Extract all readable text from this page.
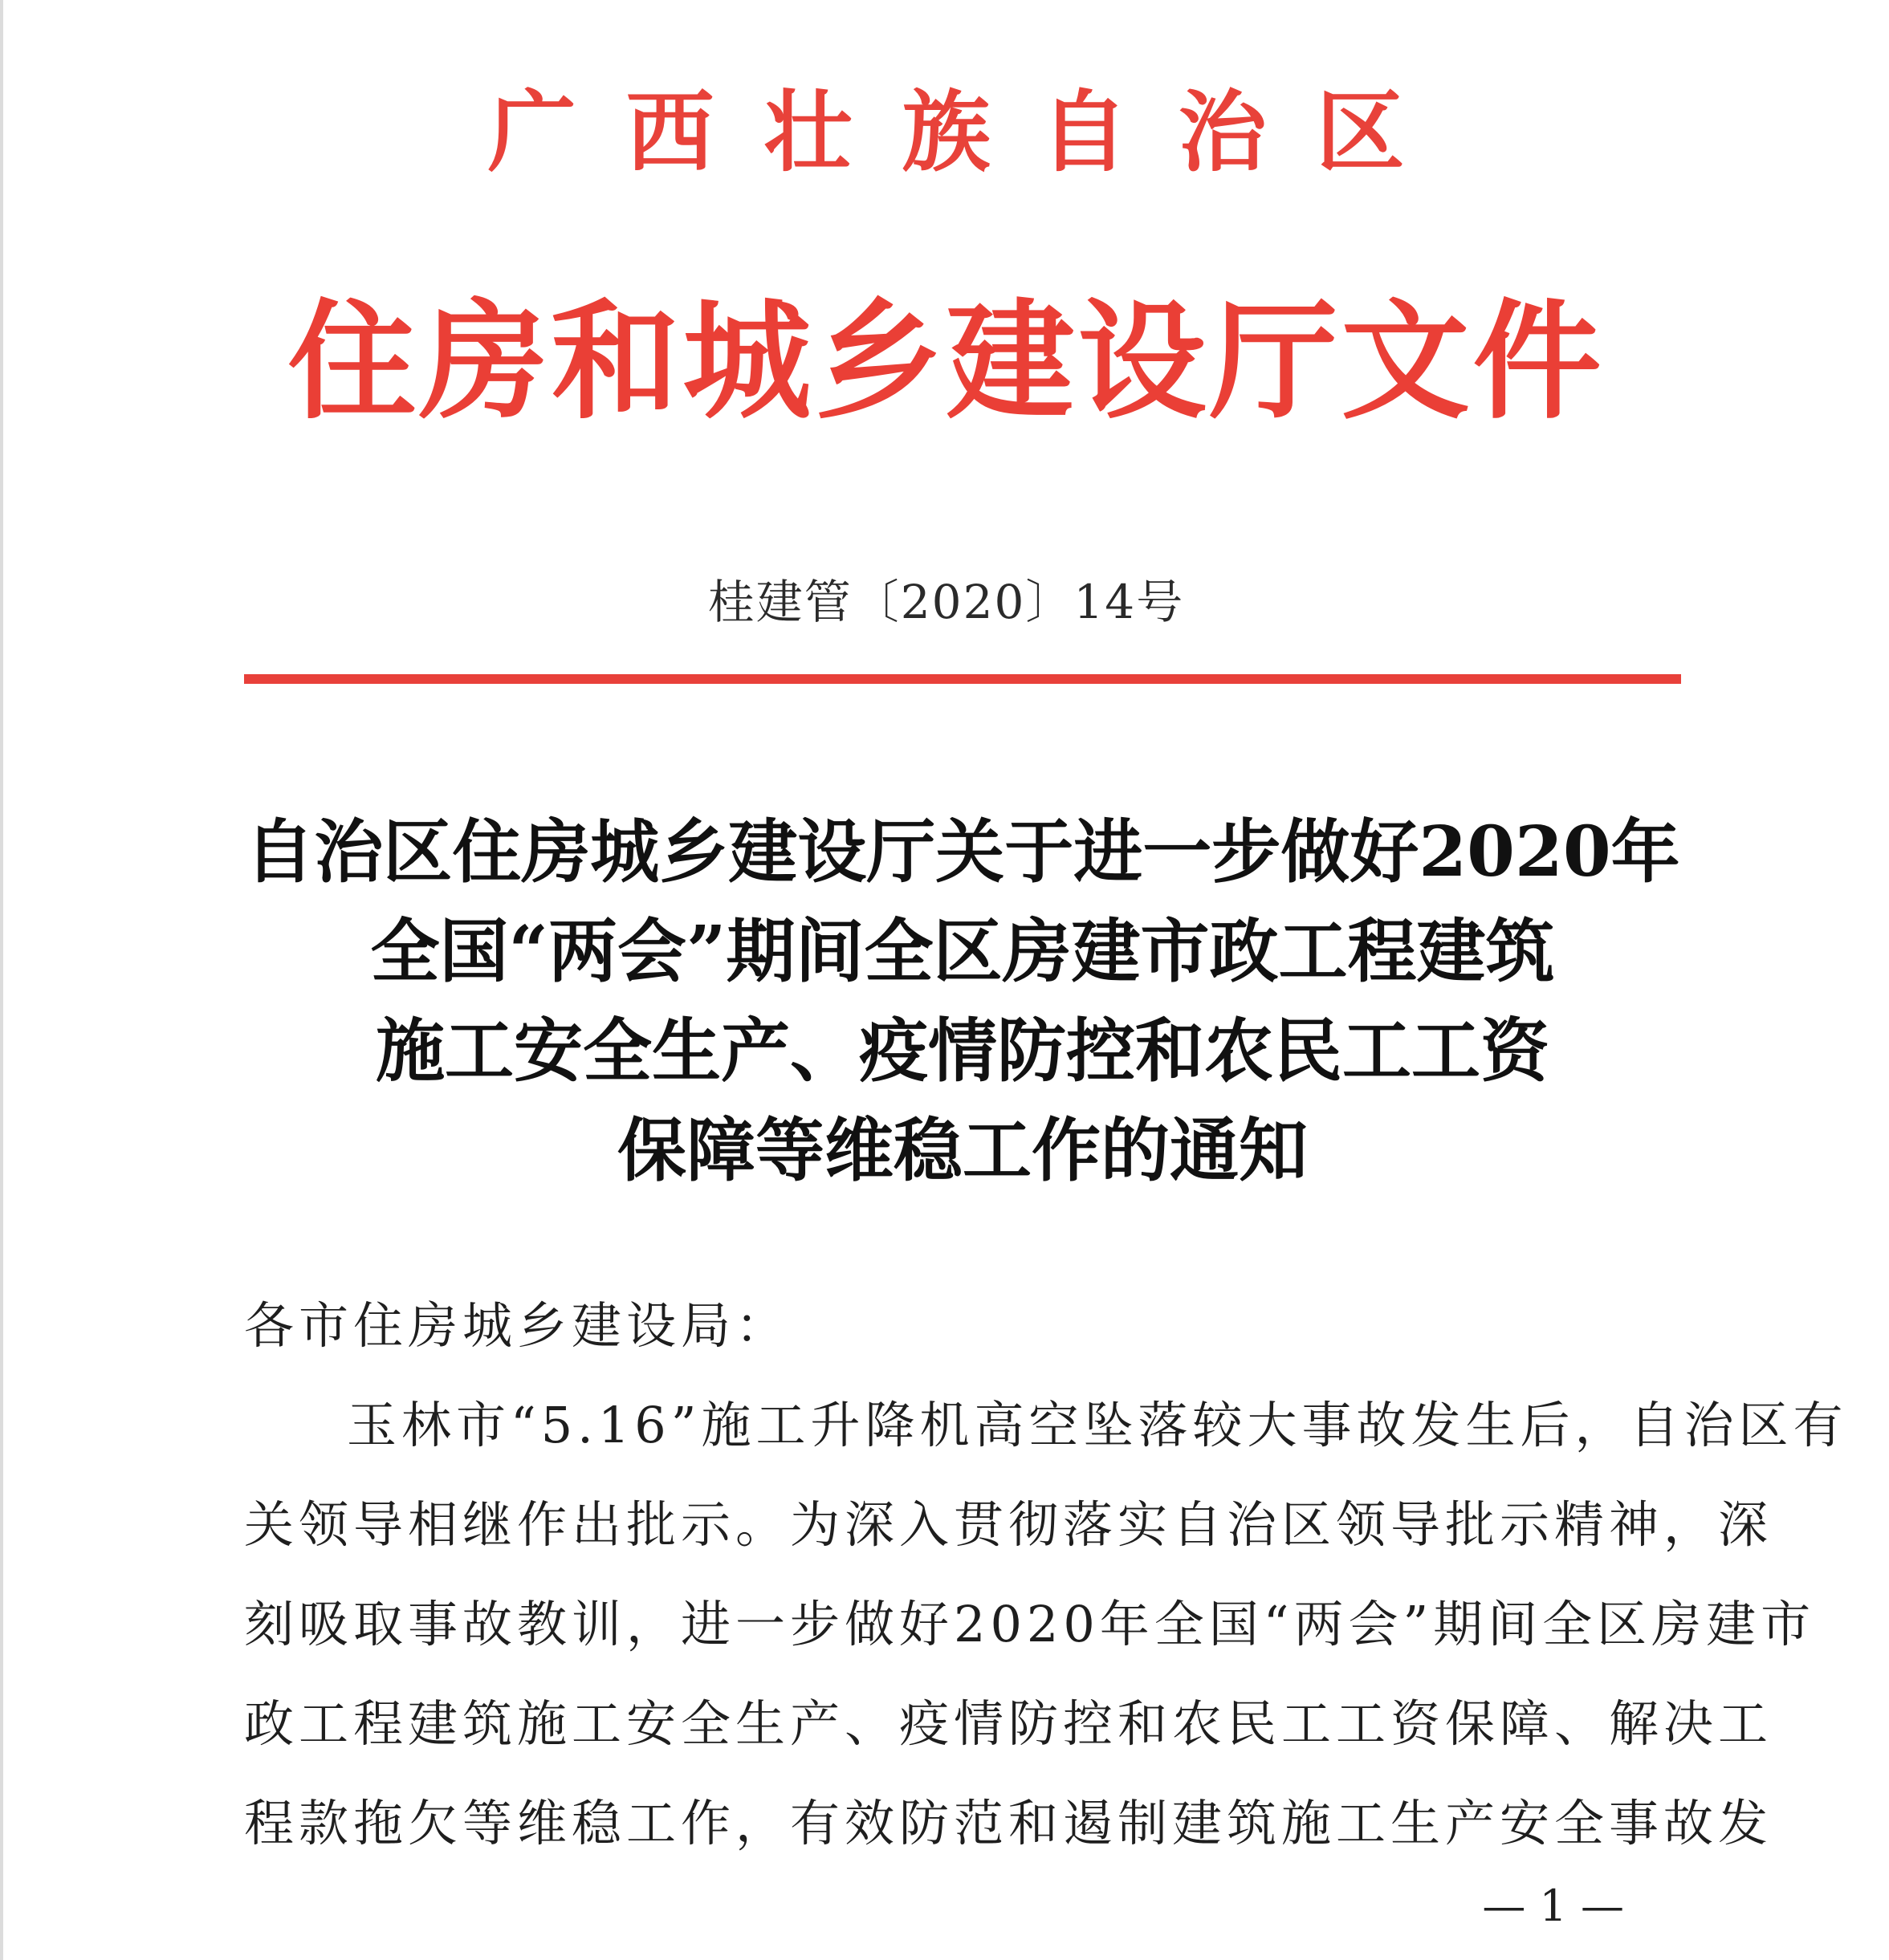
广西壮族自治区
住房和城乡建设厅文件
桂建管〔2020〕14号
自治区住房城乡建设厅关于进一步做好2020年
全国“两会”期间全区房建市政工程建筑
施工安全生产、疫情防控和农民工工资
保障等维稳工作的通知
各市住房城乡建设局：
玉林市“5.16”施工升降机高空坠落较大事故发生后，自治区有
关领导相继作出批示。为深入贯彻落实自治区领导批示精神，深
刻吸取事故教训，进一步做好2020年全国“两会”期间全区房建市
政工程建筑施工安全生产、疫情防控和农民工工资保障、解决工
程款拖欠等维稳工作，有效防范和遏制建筑施工生产安全事故发
— 1 —
